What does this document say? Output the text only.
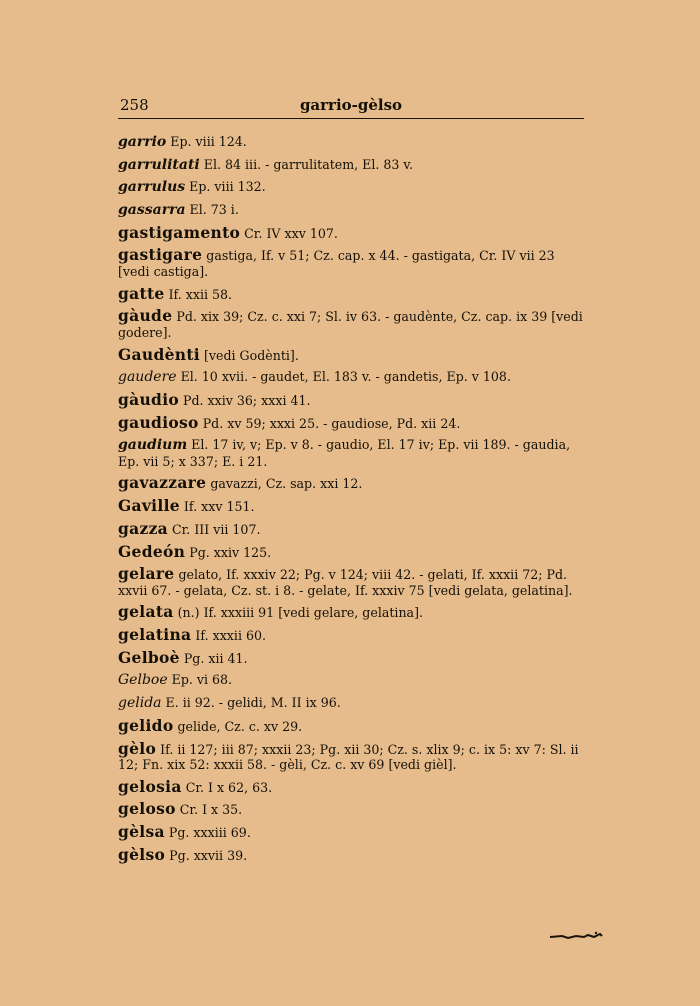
258	garrio-gèlso
garrio Ep. viii 124.
garrulitati El. 84 iii. - garrulitatem, El. 83 v.
garrulus Ep. viii 132.
gassarra El. 73 i.
gastigamento Cr. IV xxv 107.
gastigare gastiga, If. v 51; Cz. cap. x 44. - gastigata, Cr. IV vii 23 [vedi castiga].
gatte If. xxii 58.
gàude Pd. xix 39; Cz. c. xxi 7; Sl. iv 63. - gaudènte, Cz. cap. ix 39 [vedi godere].
Gaudènti [vedi Godènti].
gaudere El. 10 xvii. - gaudet, El. 183 v. - gandetis, Ep. v 108.
gàudio Pd. xxiv 36; xxxi 41.
gaudioso Pd. xv 59; xxxi 25. - gaudiose, Pd. xii 24.
gaudium El. 17 iv, v; Ep. v 8. - gaudio, El. 17 iv; Ep. vii 189. - gaudia, Ep. vii 5; x 337; E. i 21.
gavazzare gavazzi, Cz. sap. xxi 12.
Gaville If. xxv 151.
gazza Cr. III vii 107.
Gedeón Pg. xxiv 125.
gelare gelato, If. xxxiv 22; Pg. v 124; viii 42. - gelati, If. xxxii 72; Pd. xxvii 67. - gelata, Cz. st. i 8. - gelate, If. xxxiv 75 [vedi gelata, gelatina].
gelata (n.) If. xxxiii 91 [vedi gelare, gelatina].
gelatina If. xxxii 60.
Gelboè Pg. xii 41.
Gelboe Ep. vi 68.
gelida E. ii 92. - gelidi, M. II ix 96.
gelido gelide, Cz. c. xv 29.
gèlo If. ii 127; iii 87; xxxii 23; Pg. xii 30; Cz. s. xlix 9; c. ix 5: xv 7: Sl. ii 12; Fn. xix 52: xxxii 58. - gèli, Cz. c. xv 69 [vedi gièl].
gelosia Cr. I x 62, 63.
geloso Cr. I x 35.
gèlsa Pg. xxxiii 69.
gèlso Pg. xxvii 39.
